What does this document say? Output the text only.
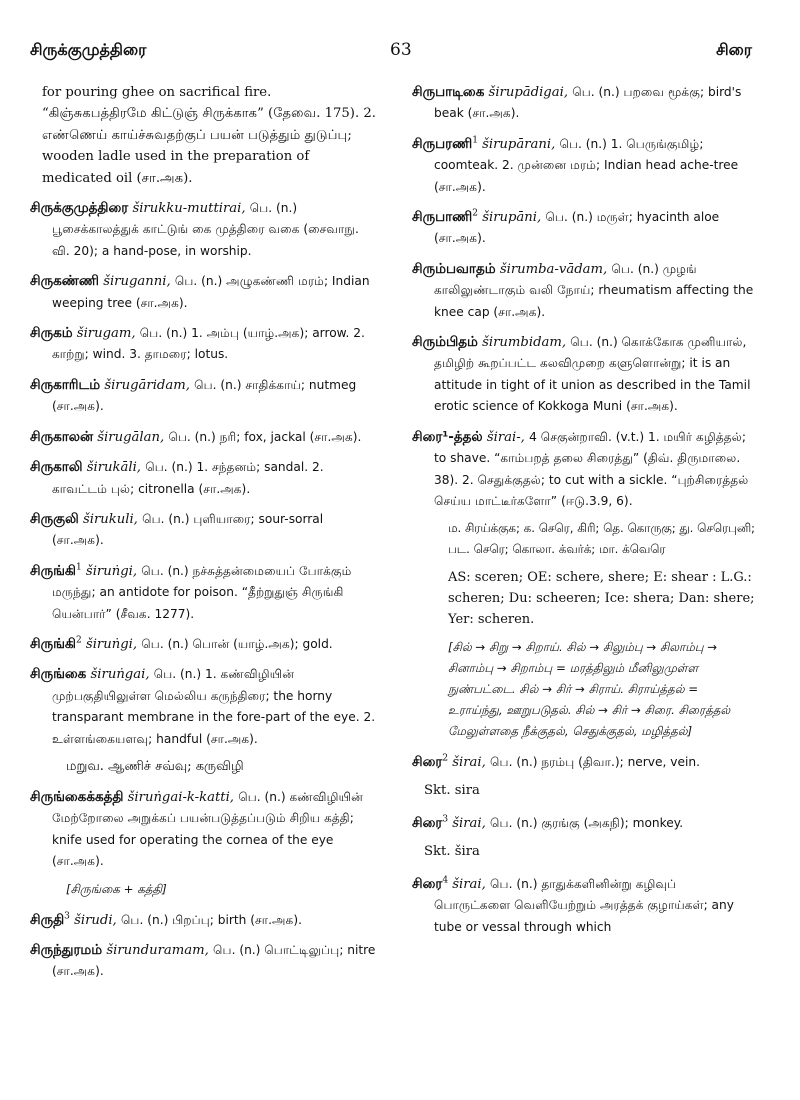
சிருக்குமுத்திரை	63	சிரை

for pouring ghee on sacrifical fire. “கிஞ்சுகபத்திரமே கிட்டுஞ் சிருக்காக” (தேவை. 175). 2. எண்ணெய் காய்ச்சுவதற்குப் பயன் படுத்தும் துடுப்பு; wooden ladle used in the preparation of medicated oil (சா.அக).

சிருக்குமுத்திரை širukku-muttirai, பெ. (n.) பூசைக்காலத்துக் காட்டுங் கை முத்திரை வகை (சைவாநு. வி. 20); a hand-pose, in worship.

சிருகண்ணி širuganni, பெ. (n.) அழுகண்ணி மரம்; Indian weeping tree (சா.அக).

சிருகம் širugam, பெ. (n.) 1. அம்பு (யாழ்.அக); arrow. 2. காற்று; wind. 3. தாமரை; lotus.

சிருகாரிடம் širugāridam, பெ. (n.) சாதிக்காய்; nutmeg (சா.அக).

சிருகாலன் širugālan, பெ. (n.) நரி; fox, jackal (சா.அக).

சிருகாலி širukāli, பெ. (n.) 1. சந்தனம்; sandal. 2. காவட்டம் புல்; citronella (சா.அக).

சிருகுலி širukuli, பெ. (n.) புளியாரை; sour-sorral (சா.அக).

சிருங்கி$^1$ širuṅgi, பெ. (n.) நச்சுத்தன்மையைப் போக்கும் மருந்து; an antidote for poison. “தீற்றுதுஞ் சிருங்கி யென்பார்” (சீவக. 1277).

சிருங்கி$^2$ širuṅgi, பெ. (n.) பொன் (யாழ்.அக); gold.

சிருங்கை širuṅgai, பெ. (n.) 1. கண்விழியின் முற்பகுதியிலுள்ள மெல்லிய கருந்திரை; the horny transparant membrane in the fore-part of the eye. 2. உள்ளங்கையளவு; handful (சா.அக).

மறுவ. ஆணிச் சவ்வு; கருவிழி

சிருங்கைக்கத்தி širuṅgai-k-katti, பெ. (n.) கண்விழியின் மேற்றோலை அறுக்கப் பயன்படுத்தப்படும் சிறிய கத்தி; knife used for operating the cornea of the eye (சா.அக).

[சிருங்கை + கத்தி]

சிருதி$^3$ širudi, பெ. (n.) பிறப்பு; birth (சா.அக).

சிருந்துரமம் širunduramam, பெ. (n.) பொட்டிலுப்பு; nitre (சா.அக).

சிருபாடிகை širupādigai, பெ. (n.) பறவை மூக்கு; bird's beak (சா.அக).

சிருபரணி$^1$ širupārani, பெ. (n.) 1. பெருங்குமிழ்; coomteak. 2. முன்னை மரம்; Indian head ache-tree (சா.அக).

சிருபாணி$^2$ širupāni, பெ. (n.) மருள்; hyacinth aloe (சா.அக).

சிரும்பவாதம் širumba-vādam, பெ. (n.) முழங் காலிலுண்டாகும் வலி நோய்; rheumatism affecting the knee cap (சா.அக).

சிரும்பிதம் širumbidam, பெ. (n.) கொக்கோக முனியால், தமிழிற் கூறப்பட்ட கலவிமுறை களுளொன்று; it is an attitude in tight of it union as described in the Tamil erotic science of Kokkoga Muni (சா.அக).

சிரை¹-த்தல் širai-, 4 செகுன்றாவி. (v.t.) 1. மயிர் கழித்தல்; to shave. “காம்பறத் தலை சிரைத்து” (திவ். திருமாலை. 38). 2. செதுக்குதல்; to cut with a sickle. “புற்சிரைத்தல் செய்ய மாட்டீர்களோ” (ஈடு.3.9, 6).

ம. சிரய்க்குக; க. செரெ, கிரி; தெ. கொருகு; து. செரெபுனி; பட. செரெ; கொலா. க்வர்க்; மா. க்வெரெ

AS: sceren; OE: schere, shere; E: shear : L.G.: scheren; Du: scheeren; Ice: shera; Dan: shere; Yer: scheren.

[சில் → சிறு → சிறாய். சில் → சிலும்பு → சிலாம்பு → சினாம்பு → சிறாம்பு = மரத்திலும் மீனிலுமுள்ள நுண்பட்டை. சில் → சிர் → சிராய். சிராய்த்தல் = உராய்ந்து, ஊறுபடுதல். சில் → சிர் → சிரை. சிரைத்தல் மேலுள்ளதை நீக்குதல், செதுக்குதல், மழித்தல்]

சிரை$^2$ širai, பெ. (n.) நரம்பு (திவா.); nerve, vein.

Skt. sira

சிரை$^3$ širai, பெ. (n.) குரங்கு (அகநி); monkey.

Skt. šira

சிரை$^4$ širai, பெ. (n.) தாதுக்களினின்று கழிவுப் பொருட்களை வெளியேற்றும் அரத்தக் குழாய்கள்; any tube or vessal through which
